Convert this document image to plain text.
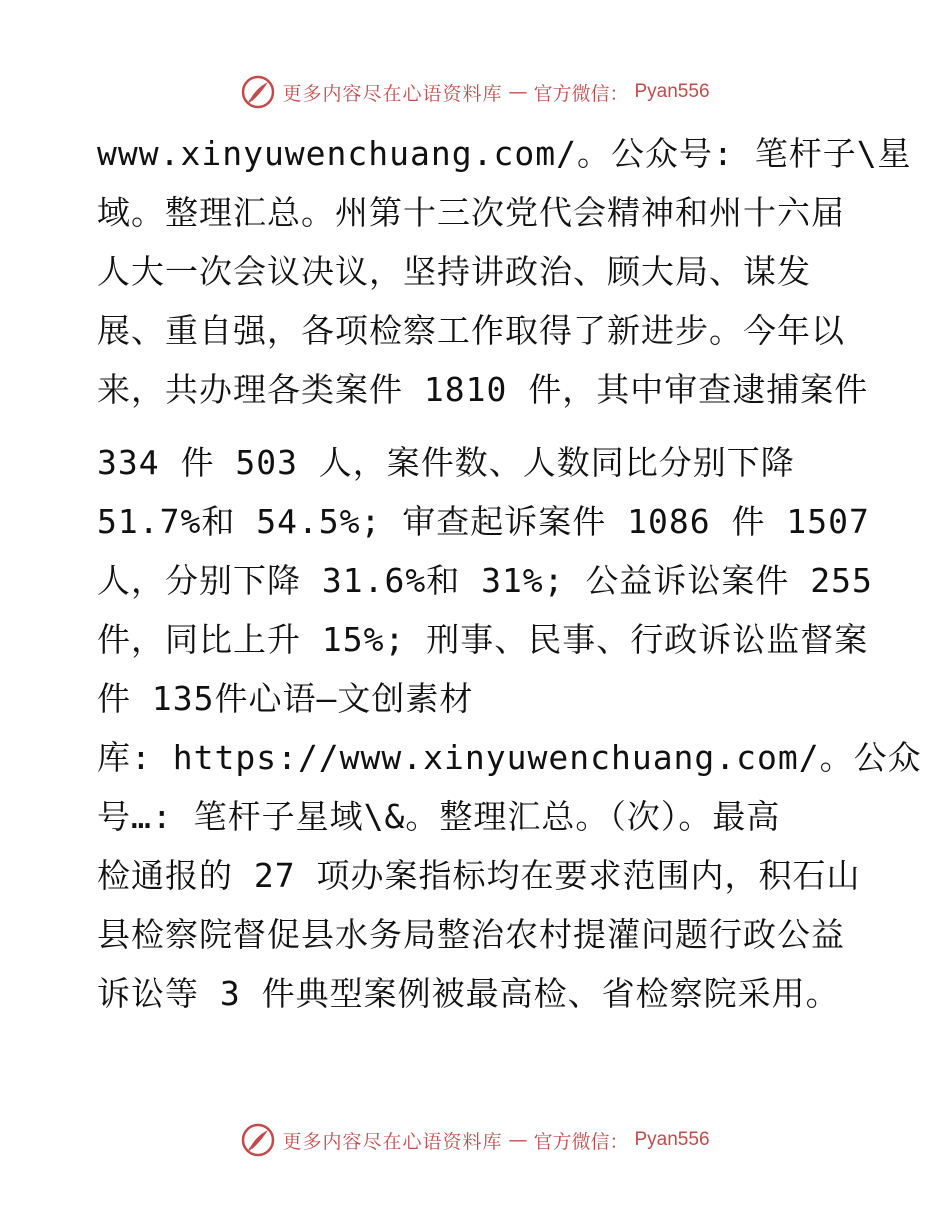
更多内容尽在心语资料库 — 官方微信： Pyan556
www.xinyuwenchuang.com/。公众号: 笔杆子\星
域。整理汇总。州第十三次党代会精神和州十六届
人大一次会议决议，坚持讲政治、顾大局、谋发
展、重自强，各项检察工作取得了新进步。今年以
来，共办理各类案件 1810 件，其中审查逮捕案件
334 件 503 人，案件数、人数同比分别下降
51.7%和 54.5%; 审查起诉案件 1086 件 1507
人，分别下降 31.6%和 31%; 公益诉讼案件 255
件，同比上升 15%; 刑事、民事、行政诉讼监督案
件 135件心语—文创素材
库: https://www.xinyuwenchuang.com/。公众
号…: 笔杆子星域\&。整理汇总。（次）。最高
检通报的 27 项办案指标均在要求范围内，积石山
县检察院督促县水务局整治农村提灌问题行政公益
诉讼等 3 件典型案例被最高检、省检察院采用。
更多内容尽在心语资料库 — 官方微信： Pyan556
